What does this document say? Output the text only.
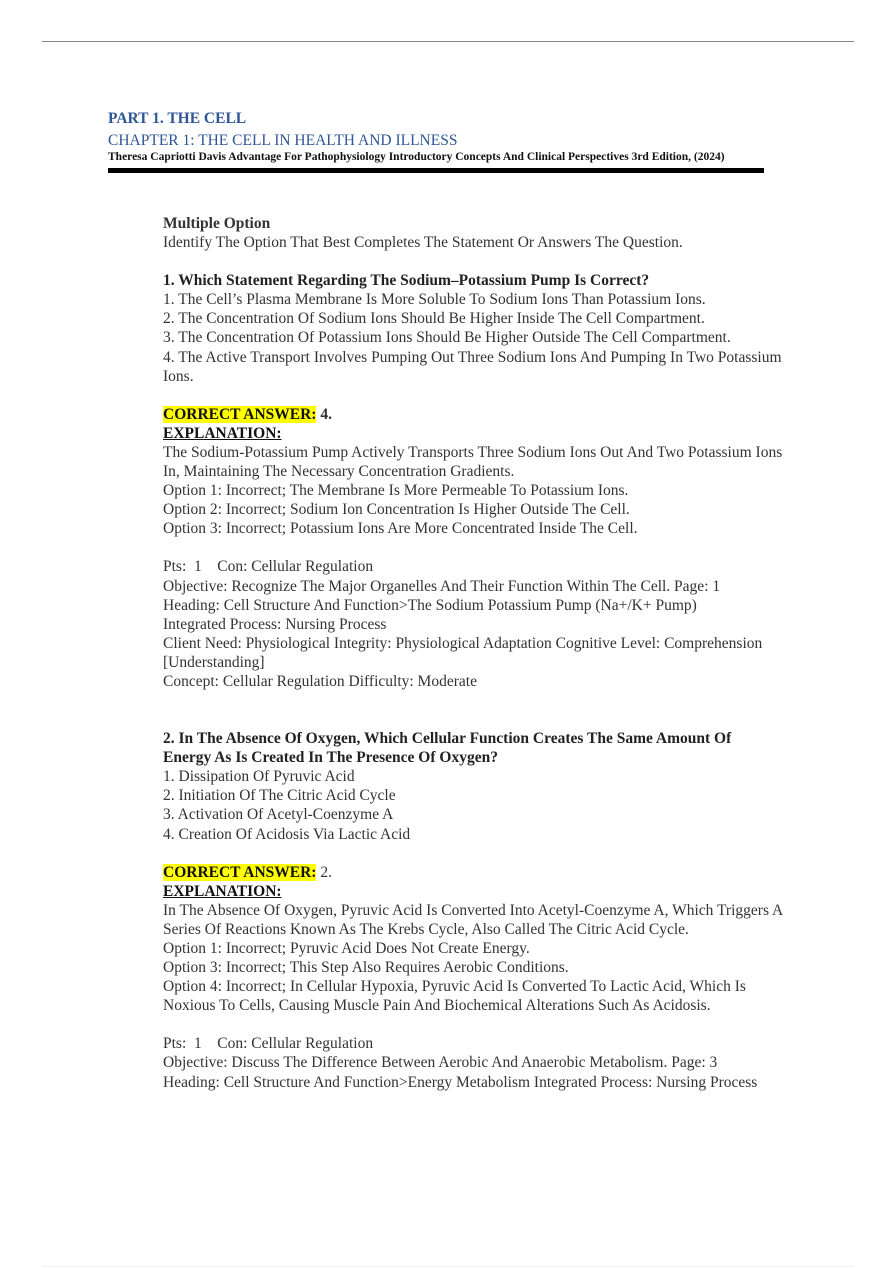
PART 1. THE CELL
CHAPTER 1: THE CELL IN HEALTH AND ILLNESS
Theresa Capriotti Davis Advantage For Pathophysiology Introductory Concepts And Clinical Perspectives 3rd Edition, (2024)

Multiple Option

Identify The Option That Best Completes The Statement Or Answers The Question.

1. Which Statement Regarding The Sodium–Potassium Pump Is Correct?

1. The Cell’s Plasma Membrane Is More Soluble To Sodium Ions Than Potassium Ions.

2. The Concentration Of Sodium Ions Should Be Higher Inside The Cell Compartment.

3. The Concentration Of Potassium Ions Should Be Higher Outside The Cell Compartment.

4. The Active Transport Involves Pumping Out Three Sodium Ions And Pumping In Two Potassium Ions.

CORRECT ANSWER: 4.

EXPLANATION:

The Sodium-Potassium Pump Actively Transports Three Sodium Ions Out And Two Potassium Ions In, Maintaining The Necessary Concentration Gradients.

Option 1: Incorrect; The Membrane Is More Permeable To Potassium Ions.

Option 2: Incorrect; Sodium Ion Concentration Is Higher Outside The Cell.

Option 3: Incorrect; Potassium Ions Are More Concentrated Inside The Cell.

Pts:  1    Con: Cellular Regulation

Objective: Recognize The Major Organelles And Their Function Within The Cell. Page: 1

Heading: Cell Structure And Function>The Sodium Potassium Pump (Na+/K+ Pump)

Integrated Process: Nursing Process

Client Need: Physiological Integrity: Physiological Adaptation Cognitive Level: Comprehension [Understanding]

Concept: Cellular Regulation Difficulty: Moderate

2. In The Absence Of Oxygen, Which Cellular Function Creates The Same Amount Of Energy As Is Created In The Presence Of Oxygen?

1. Dissipation Of Pyruvic Acid

2. Initiation Of The Citric Acid Cycle

3. Activation Of Acetyl-Coenzyme A

4. Creation Of Acidosis Via Lactic Acid

CORRECT ANSWER: 2.

EXPLANATION:

In The Absence Of Oxygen, Pyruvic Acid Is Converted Into Acetyl-Coenzyme A, Which Triggers A Series Of Reactions Known As The Krebs Cycle, Also Called The Citric Acid Cycle.

Option 1: Incorrect; Pyruvic Acid Does Not Create Energy.

Option 3: Incorrect; This Step Also Requires Aerobic Conditions.

Option 4: Incorrect; In Cellular Hypoxia, Pyruvic Acid Is Converted To Lactic Acid, Which Is Noxious To Cells, Causing Muscle Pain And Biochemical Alterations Such As Acidosis.

Pts:  1    Con: Cellular Regulation

Objective: Discuss The Difference Between Aerobic And Anaerobic Metabolism. Page: 3

Heading: Cell Structure And Function>Energy Metabolism Integrated Process: Nursing Process
